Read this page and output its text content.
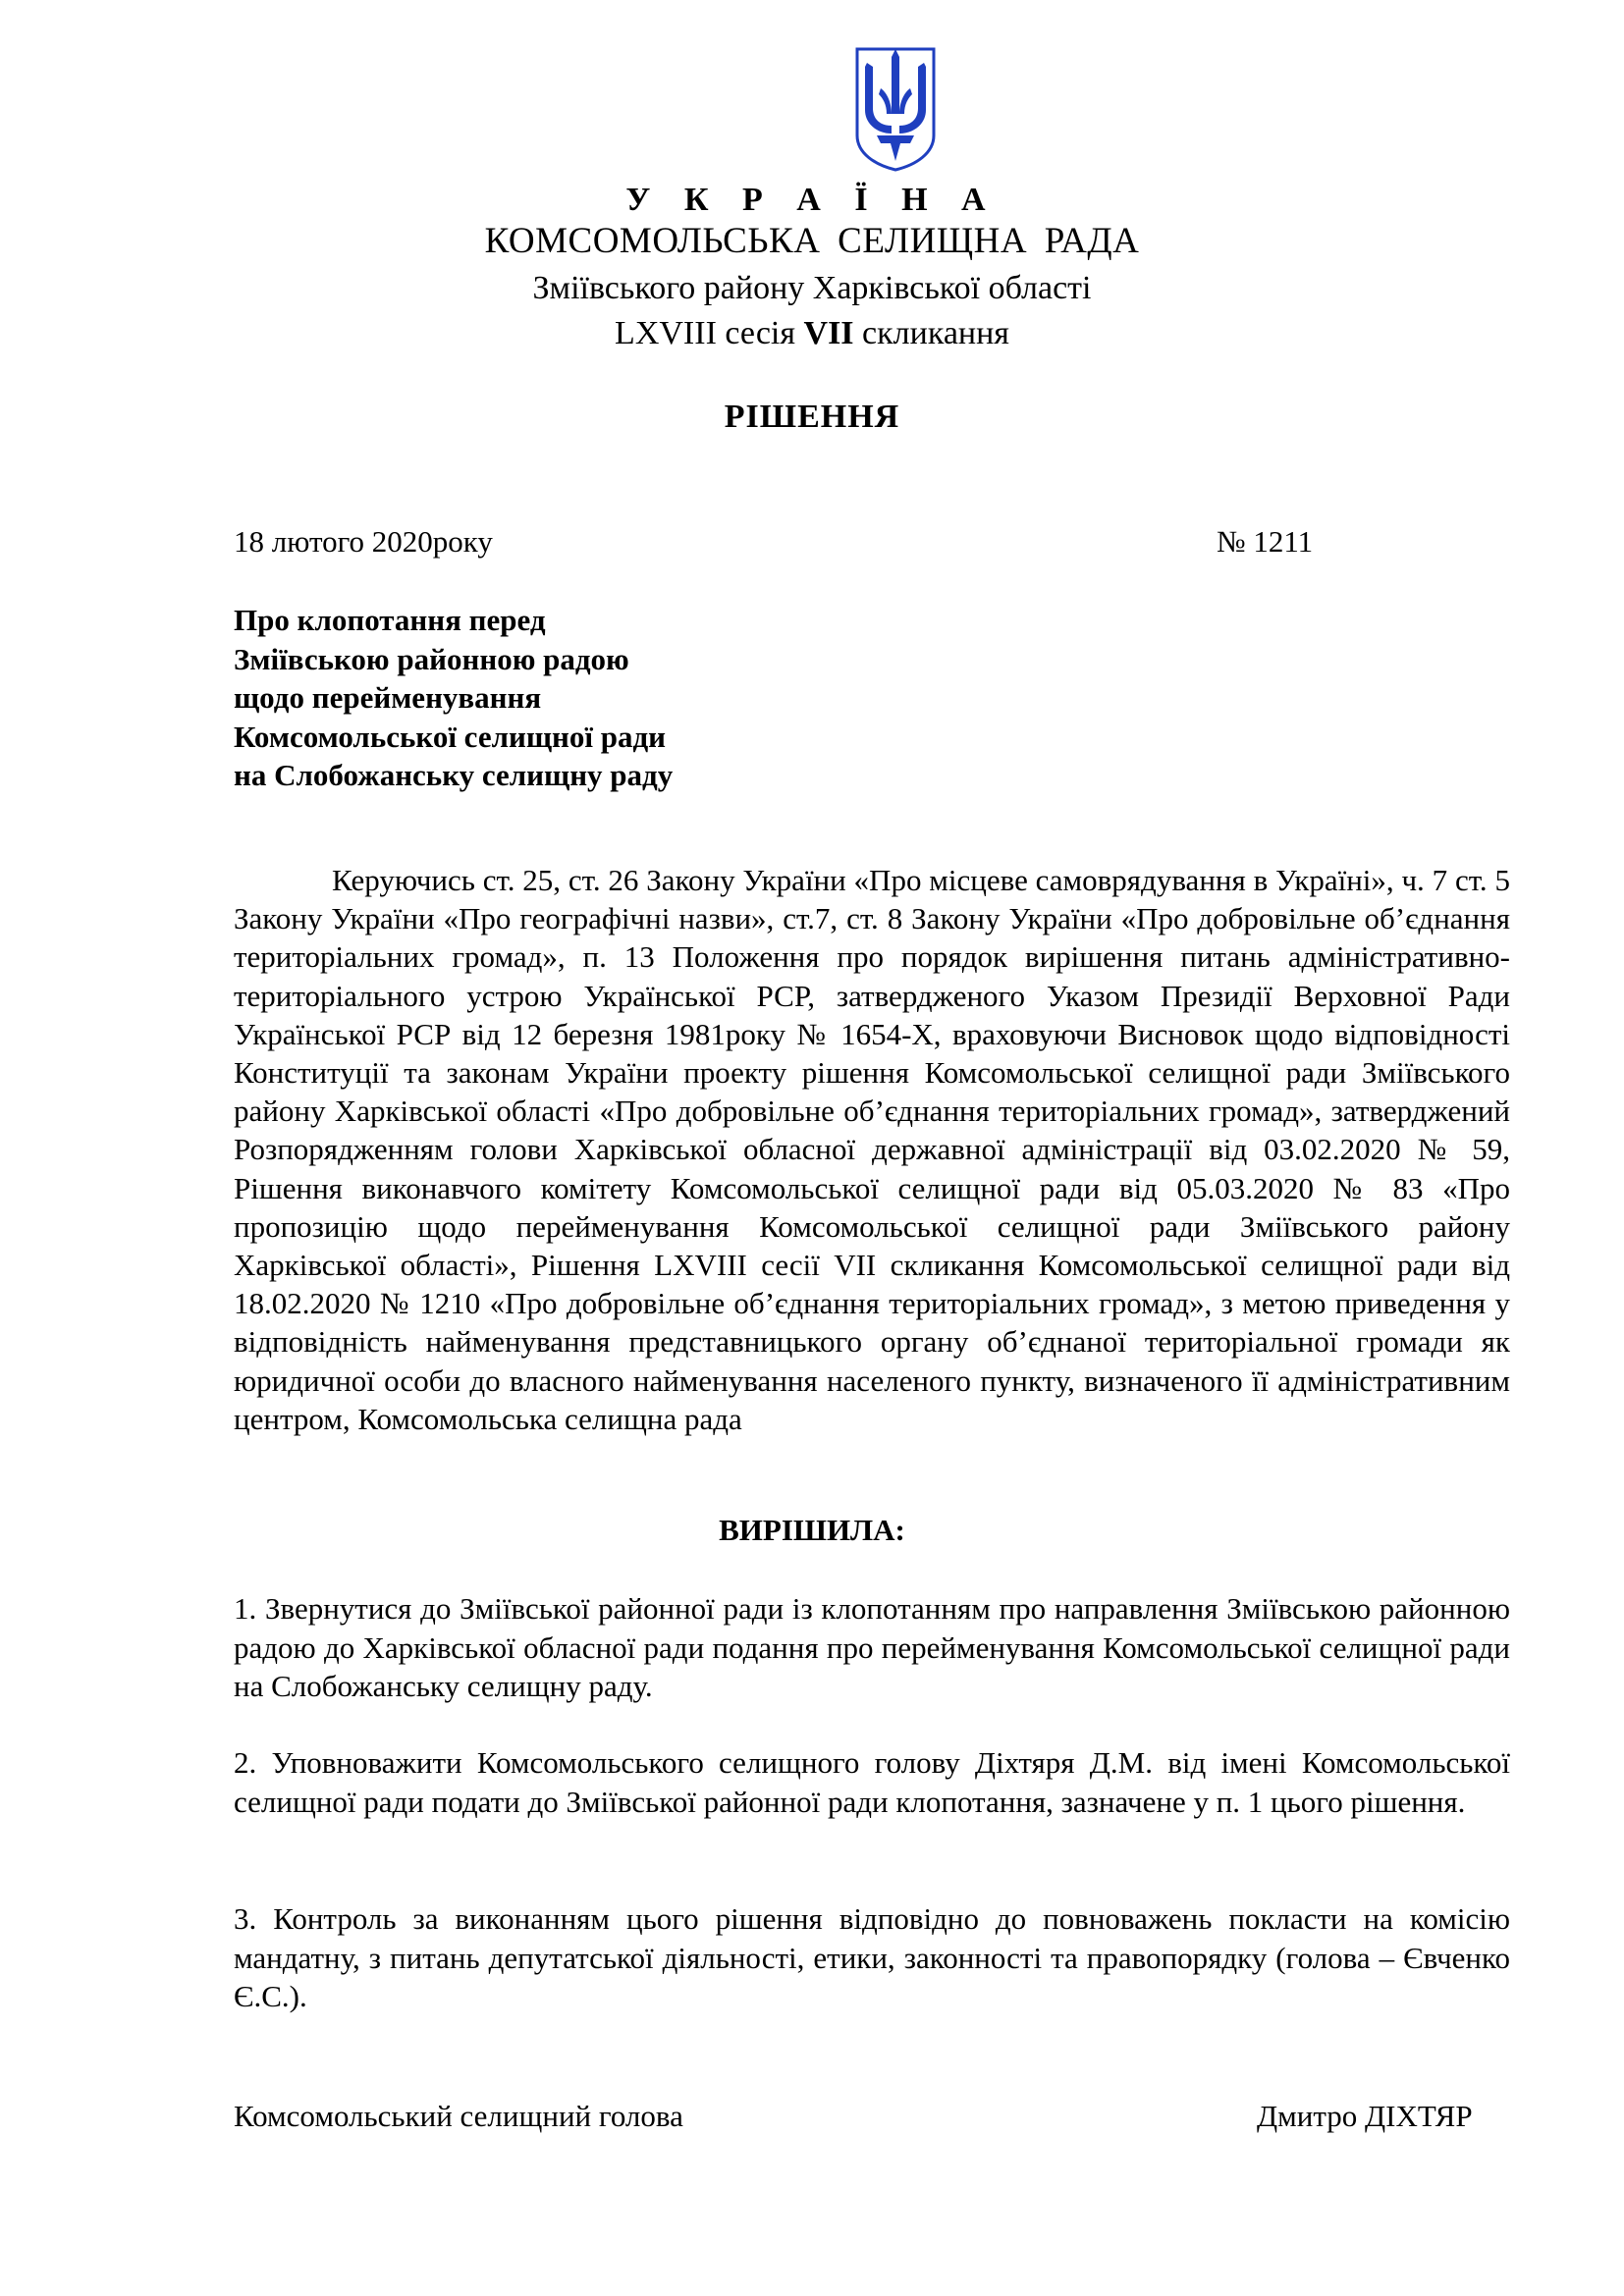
У К Р А Ї Н А
КОМСОМОЛЬСЬКА СЕЛИЩНА РАДА
Зміївського району Харківської області
LXVIII сесія VII скликання
РІШЕННЯ
18 лютого 2020року	№ 1211
Про клопотання перед
Зміївською районною радою
щодо перейменування
Комсомольської селищної ради
на Слобожанську селищну раду
Керуючись ст. 25, ст. 26 Закону України «Про місцеве самоврядування в Україні», ч. 7 ст. 5 Закону України «Про географічні назви», ст.7, ст. 8 Закону України «Про добровільне об’єднання територіальних громад», п. 13 Положення про порядок вирішення питань адміністративно-територіального устрою Української РСР, затвердженого Указом Президії Верховної Ради Української РСР від 12 березня 1981року № 1654-Х, враховуючи Висновок щодо відповідності Конституції та законам України проекту рішення Комсомольської селищної ради Зміївського району Харківської області «Про добровільне об’єднання територіальних громад», затверджений Розпорядженням голови Харківської обласної державної адміністрації від 03.02.2020 № 59, Рішення виконавчого комітету Комсомольської селищної ради від 05.03.2020 № 83 «Про пропозицію щодо перейменування Комсомольської селищної ради Зміївського району Харківської області», Рішення LXVIII сесії VII скликання Комсомольської селищної ради від 18.02.2020 № 1210 «Про добровільне об’єднання територіальних громад», з метою приведення у відповідність найменування представницького органу об’єднаної територіальної громади як юридичної особи до власного найменування населеного пункту, визначеного її адміністративним центром, Комсомольська селищна рада
ВИРІШИЛА:
1. Звернутися до Зміївської районної ради із клопотанням про направлення Зміївською районною радою до Харківської обласної ради подання про перейменування Комсомольської селищної ради на Слобожанську селищну раду.
2. Уповноважити Комсомольського селищного голову Діхтяря Д.М. від імені Комсомольської селищної ради подати до Зміївської районної ради клопотання, зазначене у п. 1 цього рішення.
3. Контроль за виконанням цього рішення відповідно до повноважень покласти на комісію мандатну, з питань депутатської діяльності, етики, законності та правопорядку (голова – Євченко Є.С.).
Комсомольський селищний голова	Дмитро ДІХТЯР
